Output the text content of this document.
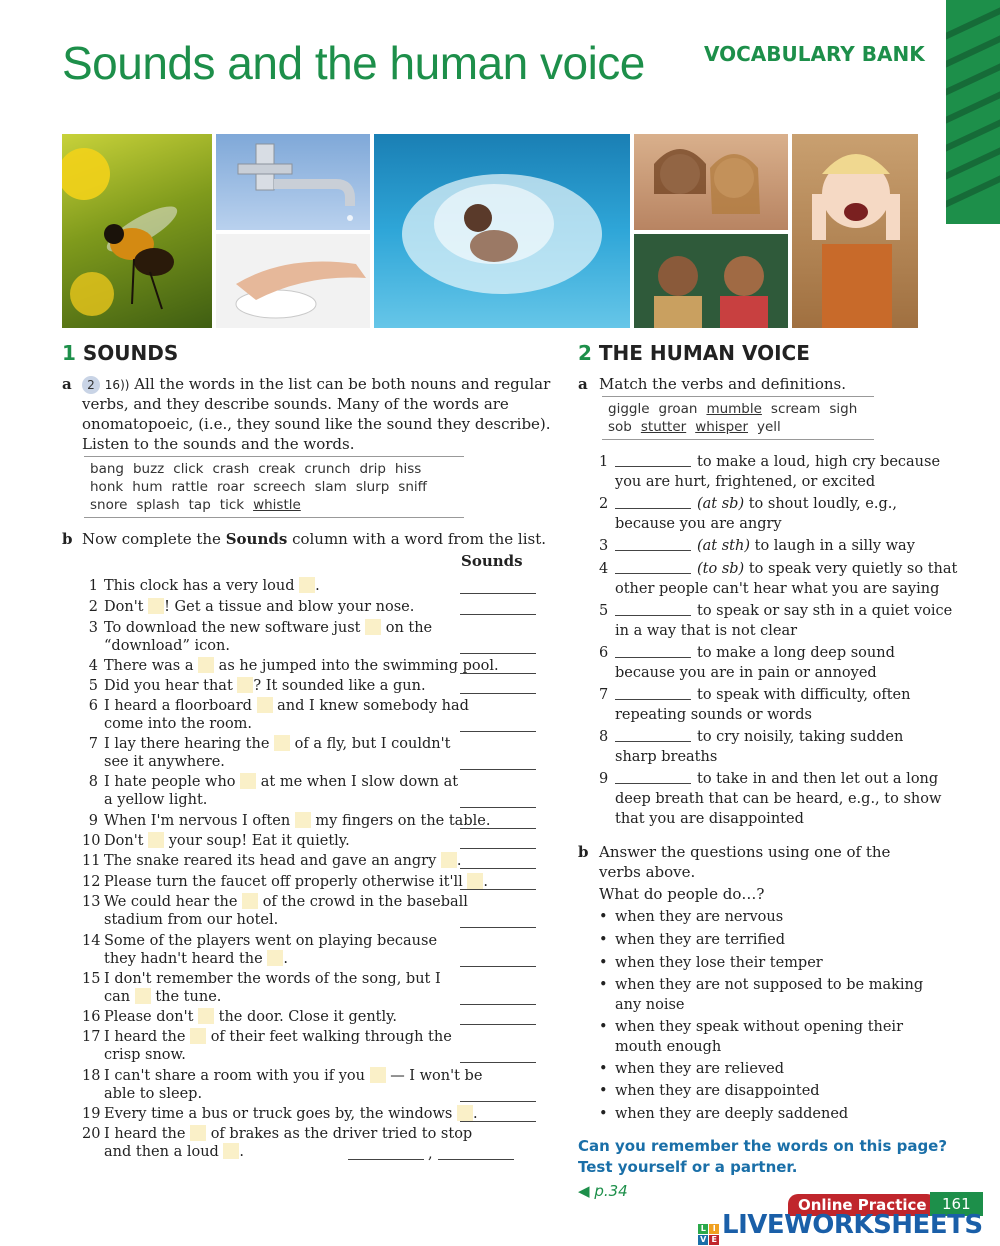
Sounds and the human voice	VOCABULARY BANK
1 SOUNDS
a	2 16)) All the words in the list can be both nouns and regular
verbs, and they describe sounds. Many of the words are
onomatopoeic, (i.e., they sound like the sound they describe).
Listen to the sounds and the words.
bang buzz click crash creak crunch drip hiss
honk hum rattle roar screech slam slurp sniff
snore splash tap tick whistle
b Now complete the Sounds column with a word from the list.
Sounds
1 This clock has a very loud .
2 Don't ! Get a tissue and blow your nose.
3 To download the new software just  on the
“download” icon.
4 There was a  as he jumped into the swimming pool.
5 Did you hear that ? It sounded like a gun.
6 I heard a floorboard  and I knew somebody had
come into the room.
7 I lay there hearing the  of a fly, but I couldn't
see it anywhere.
8 I hate people who  at me when I slow down at
a yellow light.
9 When I'm nervous I often  my fingers on the table.
10 Don't  your soup! Eat it quietly.
11 The snake reared its head and gave an angry .
12 Please turn the faucet off properly otherwise it'll .
13 We could hear the  of the crowd in the baseball
stadium from our hotel.
14 Some of the players went on playing because
they hadn't heard the .
15 I don't remember the words of the song, but I
can  the tune.
16 Please don't  the door. Close it gently.
17 I heard the  of their feet walking through the
crisp snow.
18 I can't share a room with you if you  — I won't be
able to sleep.
19 Every time a bus or truck goes by, the windows .
20 I heard the  of brakes as the driver tried to stop
and then a loud .	,
2 THE HUMAN VOICE
a Match the verbs and definitions.
giggle groan mumble scream sigh
sob stutter whisper yell
1	to make a loud, high cry because
you are hurt, frightened, or excited
2	(at sb) to shout loudly, e.g.,
because you are angry
3	(at sth) to laugh in a silly way
4	(to sb) to speak very quietly so that
other people can't hear what you are saying
5	to speak or say sth in a quiet voice
in a way that is not clear
6	to make a long deep sound
because you are in pain or annoyed
7	to speak with difficulty, often
repeating sounds or words
8	to cry noisily, taking sudden
sharp breaths
9	to take in and then let out a long
deep breath that can be heard, e.g., to show
that you are disappointed
b Answer the questions using one of the
verbs above.
What do people do…?
• when they are nervous
• when they are terrified
• when they lose their temper
• when they are not supposed to be making
any noise
• when they speak without opening their
mouth enough
• when they are relieved
• when they are disappointed
• when they are deeply saddened
Can you remember the words on this page?
Test yourself or a partner.
◀ p.34
Online Practice	161
L I
V E LIVEWORKSHEETS
